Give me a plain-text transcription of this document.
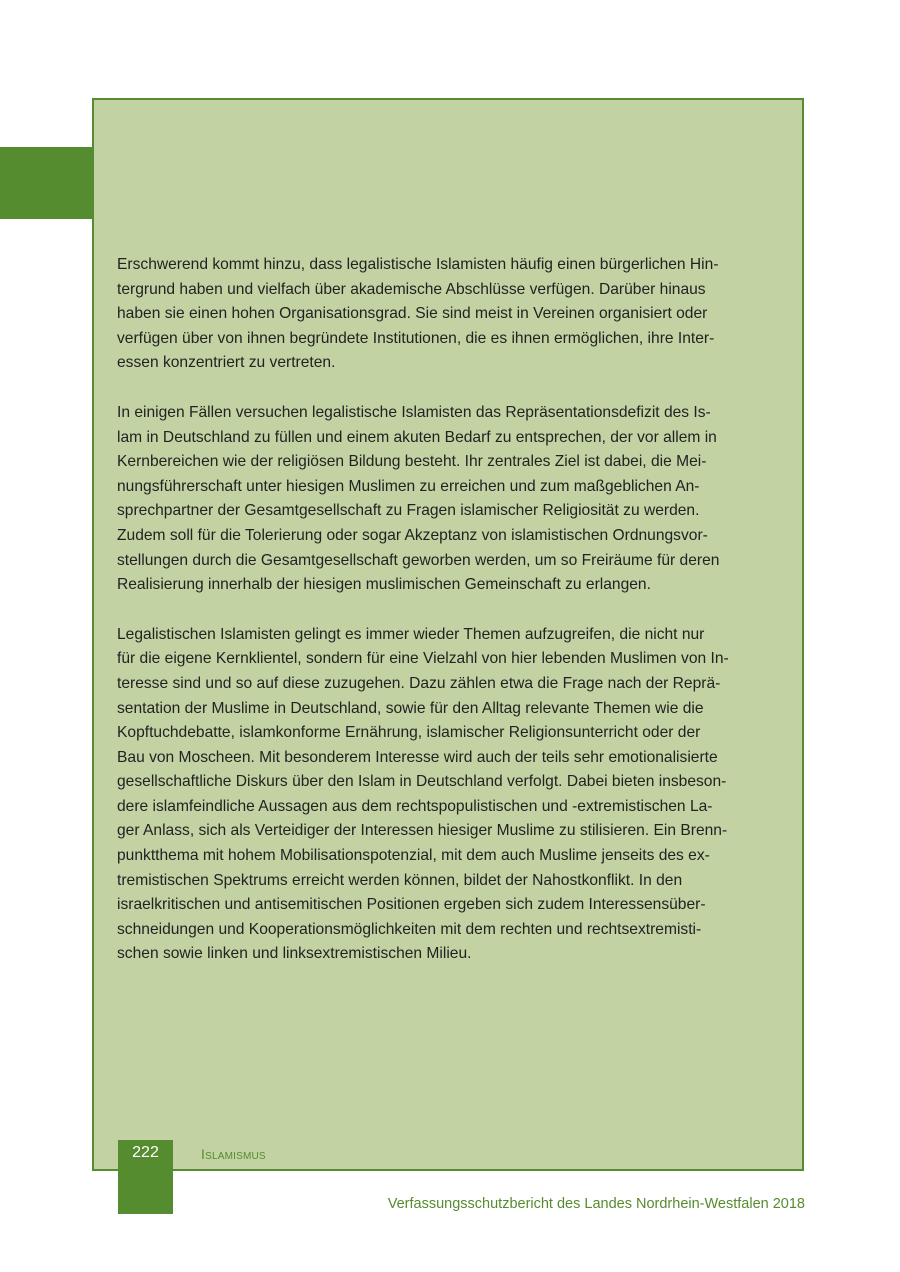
Erschwerend kommt hinzu, dass legalistische Islamisten häufig einen bürgerlichen Hin-
tergrund haben und vielfach über akademische Abschlüsse verfügen. Darüber hinaus
haben sie einen hohen Organisationsgrad. Sie sind meist in Vereinen organisiert oder
verfügen über von ihnen begründete Institutionen, die es ihnen ermöglichen, ihre Inter-
essen konzentriert zu vertreten.

In einigen Fällen versuchen legalistische Islamisten das Repräsentationsdefizit des Is-
lam in Deutschland zu füllen und einem akuten Bedarf zu entsprechen, der vor allem in
Kernbereichen wie der religiösen Bildung besteht. Ihr zentrales Ziel ist dabei, die Mei-
nungsführerschaft unter hiesigen Muslimen zu erreichen und zum maßgeblichen An-
sprechpartner der Gesamtgesellschaft zu Fragen islamischer Religiosität zu werden.
Zudem soll für die Tolerierung oder sogar Akzeptanz von islamistischen Ordnungsvor-
stellungen durch die Gesamtgesellschaft geworben werden, um so Freiräume für deren
Realisierung innerhalb der hiesigen muslimischen Gemeinschaft zu erlangen.

Legalistischen Islamisten gelingt es immer wieder Themen aufzugreifen, die nicht nur
für die eigene Kernklientel, sondern für eine Vielzahl von hier lebenden Muslimen von In-
teresse sind und so auf diese zuzugehen. Dazu zählen etwa die Frage nach der Reprä-
sentation der Muslime in Deutschland, sowie für den Alltag relevante Themen wie die
Kopftuchdebatte, islamkonforme Ernährung, islamischer Religionsunterricht oder der
Bau von Moscheen. Mit besonderem Interesse wird auch der teils sehr emotionalisierte
gesellschaftliche Diskurs über den Islam in Deutschland verfolgt. Dabei bieten insbeson-
dere islamfeindliche Aussagen aus dem rechtspopulistischen und -extremistischen La-
ger Anlass, sich als Verteidiger der Interessen hiesiger Muslime zu stilisieren. Ein Brenn-
punktthema mit hohem Mobilisationspotenzial, mit dem auch Muslime jenseits des ex-
tremistischen Spektrums erreicht werden können, bildet der Nahostkonflikt. In den
israelkritischen und antisemitischen Positionen ergeben sich zudem Interessensüber-
schneidungen und Kooperationsmöglichkeiten mit dem rechten und rechtsextremisti-
schen sowie linken und linksextremistischen Milieu.

222	Islamismus
Verfassungsschutzbericht des Landes Nordrhein-Westfalen 2018
